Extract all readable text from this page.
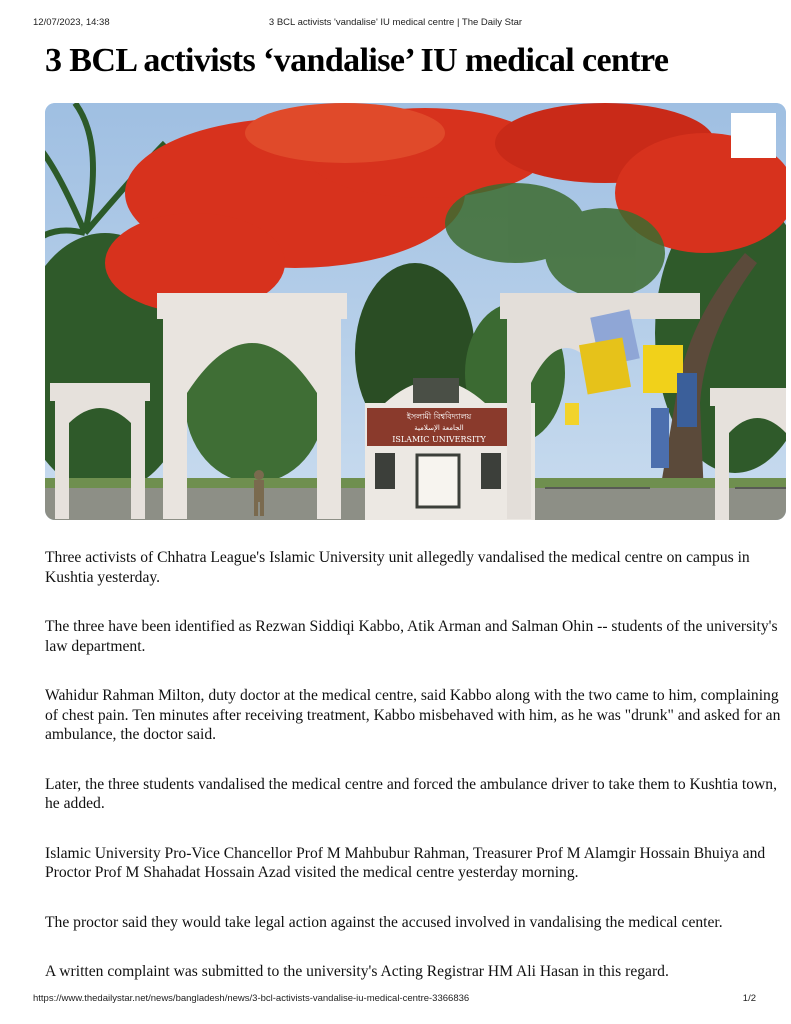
12/07/2023, 14:38	3 BCL activists 'vandalise' IU medical centre | The Daily Star
3 BCL activists ‘vandalise’ IU medical centre
ইসলামী বিশ্ববিদ্যালয়
الجامعة الإسلامية
ISLAMIC UNIVERSITY

Three activists of Chhatra League's Islamic University unit allegedly vandalised the medical centre on campus in Kushtia yesterday.

The three have been identified as Rezwan Siddiqi Kabbo, Atik Arman and Salman Ohin -- students of the university's law department.

Wahidur Rahman Milton, duty doctor at the medical centre, said Kabbo along with the two came to him, complaining of chest pain. Ten minutes after receiving treatment, Kabbo misbehaved with him, as he was "drunk" and asked for an ambulance, the doctor said.

Later, the three students vandalised the medical centre and forced the ambulance driver to take them to Kushtia town, he added.

Islamic University Pro-Vice Chancellor Prof M Mahbubur Rahman, Treasurer Prof M Alamgir Hossain Bhuiya and Proctor Prof M Shahadat Hossain Azad visited the medical centre yesterday morning.

The proctor said they would take legal action against the accused involved in vandalising the medical center.

A written complaint was submitted to the university's Acting Registrar HM Ali Hasan in this regard.

https://www.thedailystar.net/news/bangladesh/news/3-bcl-activists-vandalise-iu-medical-centre-3366836	1/2
